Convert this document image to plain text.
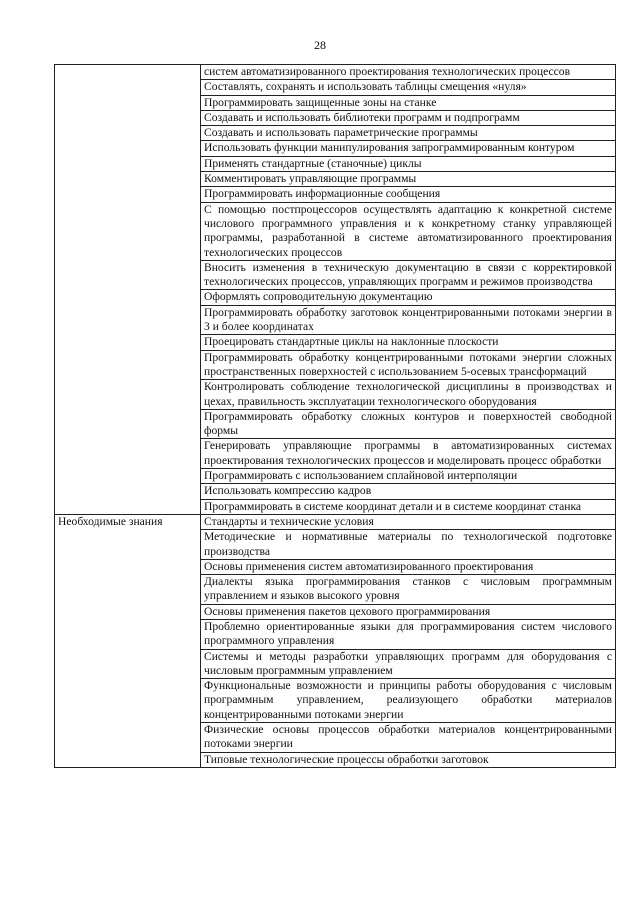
28
	систем автоматизированного проектирования технологических процессов
	Составлять, сохранять и использовать таблицы смещения «нуля»
	Программировать защищенные зоны на станке
	Создавать и использовать библиотеки программ и подпрограмм
	Создавать и использовать параметрические программы
	Использовать функции манипулирования запрограммированным контуром
	Применять стандартные (станочные) циклы
	Комментировать управляющие программы
	Программировать информационные сообщения
	С помощью постпроцессоров осуществлять адаптацию к конкретной системе числового программного управления и к конкретному станку управляющей программы, разработанной в системе автоматизированного проектирования технологических процессов
	Вносить изменения в техническую документацию в связи с корректировкой технологических процессов, управляющих программ и режимов производства
	Оформлять сопроводительную документацию
	Программировать обработку заготовок концентрированными потоками энергии в 3 и более координатах
	Проецировать стандартные циклы на наклонные плоскости
	Программировать обработку концентрированными потоками энергии сложных пространственных поверхностей с использованием 5-осевых трансформаций
	Контролировать соблюдение технологической дисциплины в производствах и цехах, правильность эксплуатации технологического оборудования
	Программировать обработку сложных контуров и поверхностей свободной формы
	Генерировать управляющие программы в автоматизированных системах проектирования технологических процессов и моделировать процесс обработки
	Программировать с использованием сплайновой интерполяции
	Использовать компрессию кадров
	Программировать в системе координат детали и в системе координат станка

Необходимые знания	Стандарты и технические условия
	Методические и нормативные материалы по технологической подготовке производства
	Основы применения систем автоматизированного проектирования
	Диалекты языка программирования станков с числовым программным управлением и языков высокого уровня
	Основы применения пакетов цехового программирования
	Проблемно ориентированные языки для программирования систем числового программного управления
	Системы и методы разработки управляющих программ для оборудования с числовым программным управлением
	Функциональные возможности и принципы работы оборудования с числовым программным управлением, реализующего обработки материалов концентрированными потоками энергии
	Физические основы процессов обработки материалов концентрированными потоками энергии
	Типовые технологические процессы обработки заготовок
